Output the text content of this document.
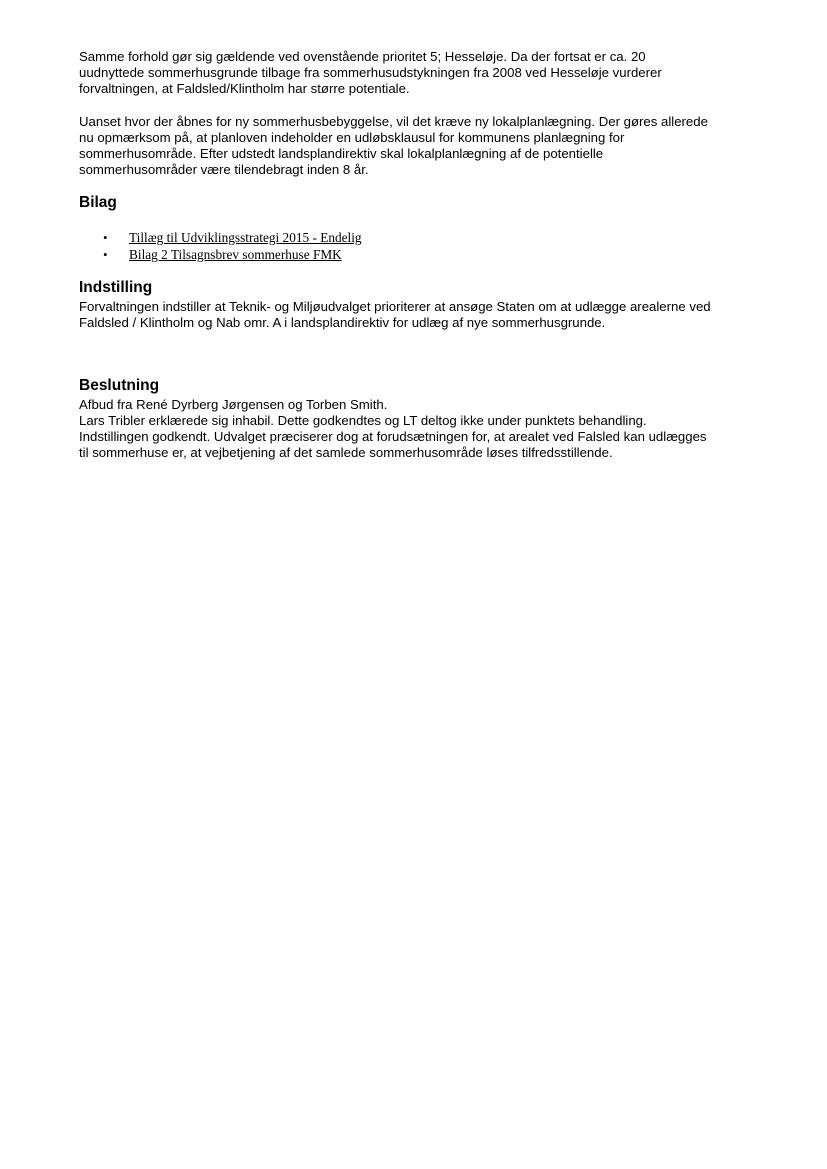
Samme forhold gør sig gældende ved ovenstående prioritet 5; Hesseløje. Da der fortsat er ca. 20
uudnyttede sommerhusgrunde tilbage fra sommerhusudstykningen fra 2008 ved Hesseløje vurderer
forvaltningen, at Faldsled/Klintholm har større potentiale.

Uanset hvor der åbnes for ny sommerhusbebyggelse, vil det kræve ny lokalplanlægning. Der gøres allerede
nu opmærksom på, at planloven indeholder en udløbsklausul for kommunens planlægning for
sommerhusområde. Efter udstedt landsplandirektiv skal lokalplanlægning af de potentielle
sommerhusområder være tilendebragt inden 8 år.

Bilag
• Tillæg til Udviklingsstrategi 2015 - Endelig
• Bilag 2 Tilsagnsbrev sommerhuse FMK
Indstilling

Forvaltningen indstiller at Teknik- og Miljøudvalget prioriterer at ansøge Staten om at udlægge arealerne ved
Faldsled / Klintholm og Nab omr. A i landsplandirektiv for udlæg af nye sommerhusgrunde.

Beslutning

Afbud fra René Dyrberg Jørgensen og Torben Smith.
Lars Tribler erklærede sig inhabil. Dette godkendtes og LT deltog ikke under punktets behandling.
Indstillingen godkendt. Udvalget præciserer dog at forudsætningen for, at arealet ved Falsled kan udlægges
til sommerhuse er, at vejbetjening af det samlede sommerhusområde løses tilfredsstillende.
